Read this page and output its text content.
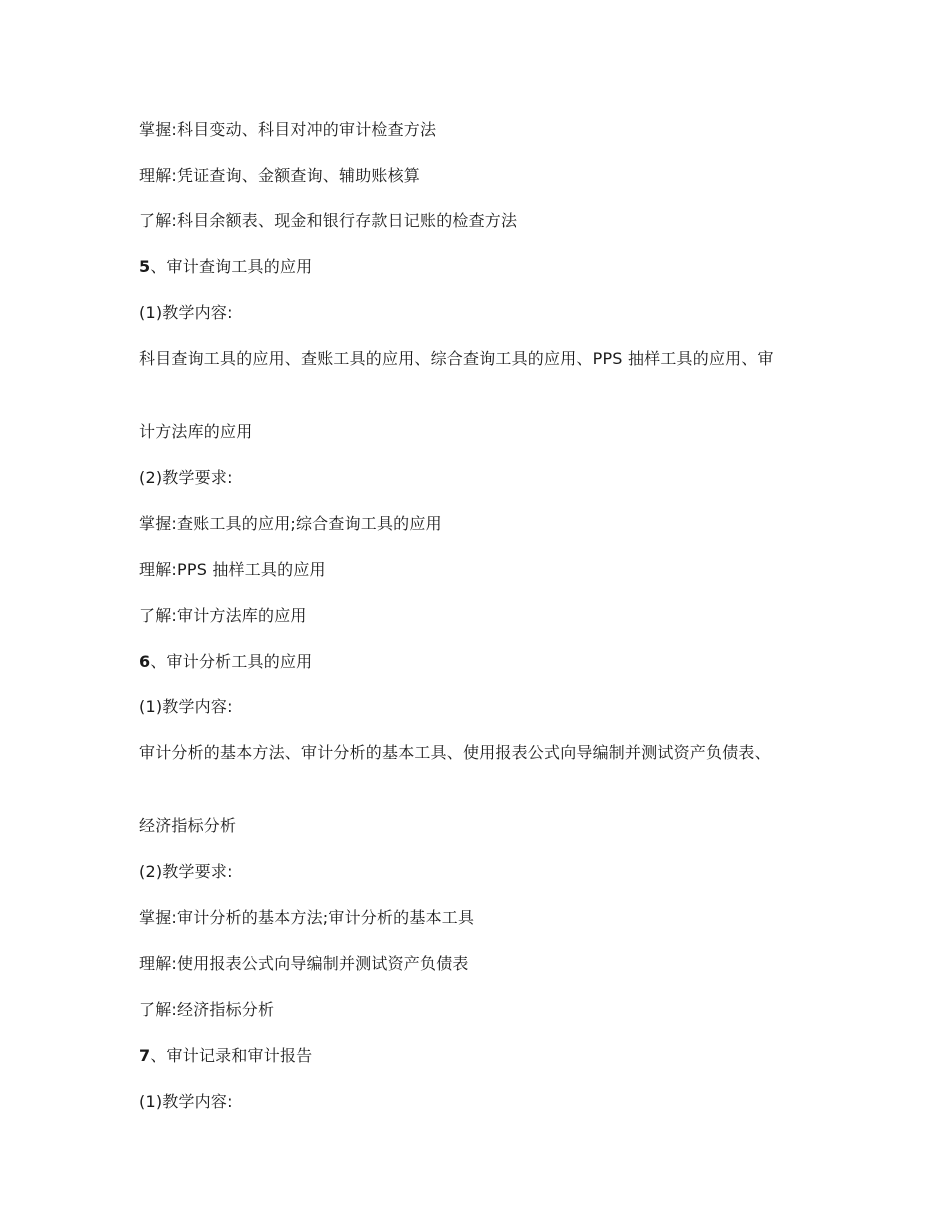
掌握:科目变动、科目对冲的审计检查方法
理解:凭证查询、金额查询、辅助账核算
了解:科目余额表、现金和银行存款日记账的检查方法
5、审计查询工具的应用
(1)教学内容:
科目查询工具的应用、查账工具的应用、综合查询工具的应用、PPS 抽样工具的应用、审
计方法库的应用
(2)教学要求:
掌握:查账工具的应用;综合查询工具的应用
理解:PPS 抽样工具的应用
了解:审计方法库的应用
6、审计分析工具的应用
(1)教学内容:
审计分析的基本方法、审计分析的基本工具、使用报表公式向导编制并测试资产负债表、
经济指标分析
(2)教学要求:
掌握:审计分析的基本方法;审计分析的基本工具
理解:使用报表公式向导编制并测试资产负债表
了解:经济指标分析
7、审计记录和审计报告
(1)教学内容:
